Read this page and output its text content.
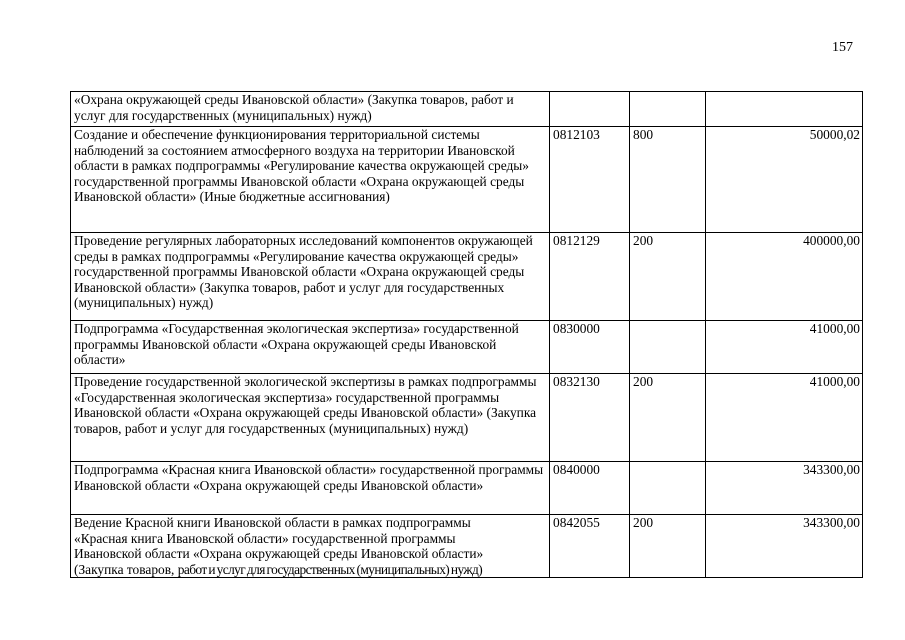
157
«Охрана окружающей среды Ивановской области» (Закупка товаров, работ и услуг для государственных (муниципальных) нужд)			
Создание и обеспечение функционирования территориальной системы наблюдений за состоянием атмосферного воздуха на территории Ивановской области в рамках подпрограммы «Регулирование качества окружающей среды» государственной программы Ивановской области «Охрана окружающей среды Ивановской области» (Иные бюджетные ассигнования)	0812103	800	50000,02
Проведение регулярных лабораторных исследований компонентов окружающей среды в рамках подпрограммы «Регулирование качества окружающей среды» государственной программы Ивановской области «Охрана окружающей среды Ивановской области» (Закупка товаров, работ и услуг для государственных (муниципальных) нужд)	0812129	200	400000,00
Подпрограмма «Государственная экологическая экспертиза» государственной программы Ивановской области «Охрана окружающей среды Ивановской области»	0830000		41000,00
Проведение государственной экологической экспертизы в рамках подпрограммы «Государственная экологическая экспертиза» государственной программы Ивановской области «Охрана окружающей среды Ивановской области» (Закупка товаров, работ и услуг для государственных (муниципальных) нужд)	0832130	200	41000,00
Подпрограмма «Красная книга Ивановской области» государственной программы Ивановской области «Охрана окружающей среды Ивановской области»	0840000		343300,00
Ведение Красной книги Ивановской области в рамках подпрограммы
«Красная книга Ивановской области» государственной программы
Ивановской области «Охрана окружающей среды Ивановской области»
(Закупка товаров, работ и услуг для государственных (муниципальных) нужд)	0842055	200	343300,00
